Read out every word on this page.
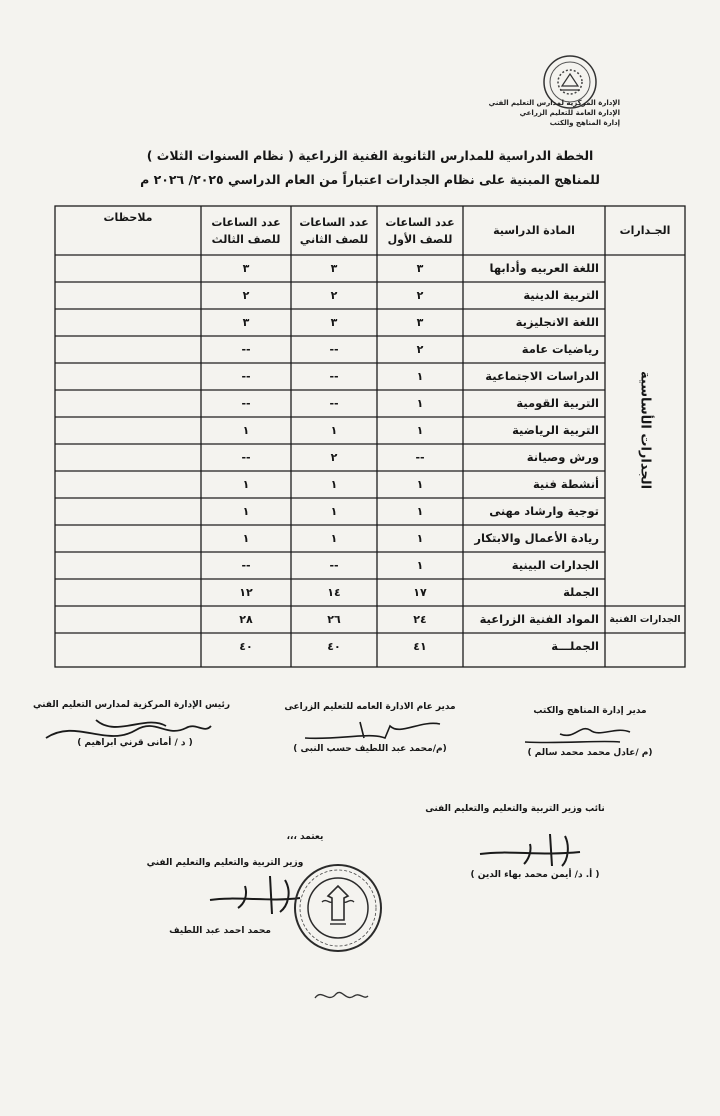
الإدارة المركزية لمدارس التعليم الفني
الإدارة العامة للتعليم الزراعي
إدارة المناهج والكتب
الخطة الدراسية للمدارس الثانوية الفنية الزراعية ( نظام السنوات الثلاث )
للمناهج المبنية على نظام الجدارات اعتباراً من العام الدراسي ٢٠٢٥/ ٢٠٢٦ م
الجـدارات
المادة الدراسية
عدد الساعات
للصف الأول
عدد الساعات
للصف الثاني
عدد الساعات
للصف الثالث
ملاحظات
الجدارات الأساسية
الجدارات الفنية
اللغة العربيه وأدابها
٣
٣
٣
التربية الدينية
٢
٢
٢
اللغة الانجليزية
٣
٣
٣
رياضيات عامة
٢
--
--
الدراسات الاجتماعية
١
--
--
التربية القومية
١
--
--
التربية الرياضية
١
١
١
ورش وصيانة
--
٢
--
أنشطة فنية
١
١
١
توجية وارشاد مهنى
١
١
١
ريادة الأعمال والابتكار
١
١
١
الجدارات البينية
١
--
--
الجملة
١٧
١٤
١٢
المواد الفنية الزراعية
٢٤
٢٦
٢٨
الجملـــة
٤١
٤٠
٤٠
مدير إدارة المناهج والكتب
(م /عادل محمد محمد سالم )
مدير عام الادارة العامه للتعليم الزراعى
(م/محمد عبد اللطيف حسب النبى )
رئيس الإدارة المركزية لمدارس التعليم الفني
( د / أمانى قرني ابراهيم )
نائب وزير التربية والتعليم والتعليم الفنى
( أ. د/ أيمن محمد بهاء الدين )
يعتمد ،،،
وزير التربية والتعليم والتعليم الفني
محمد احمد عبد اللطيف
